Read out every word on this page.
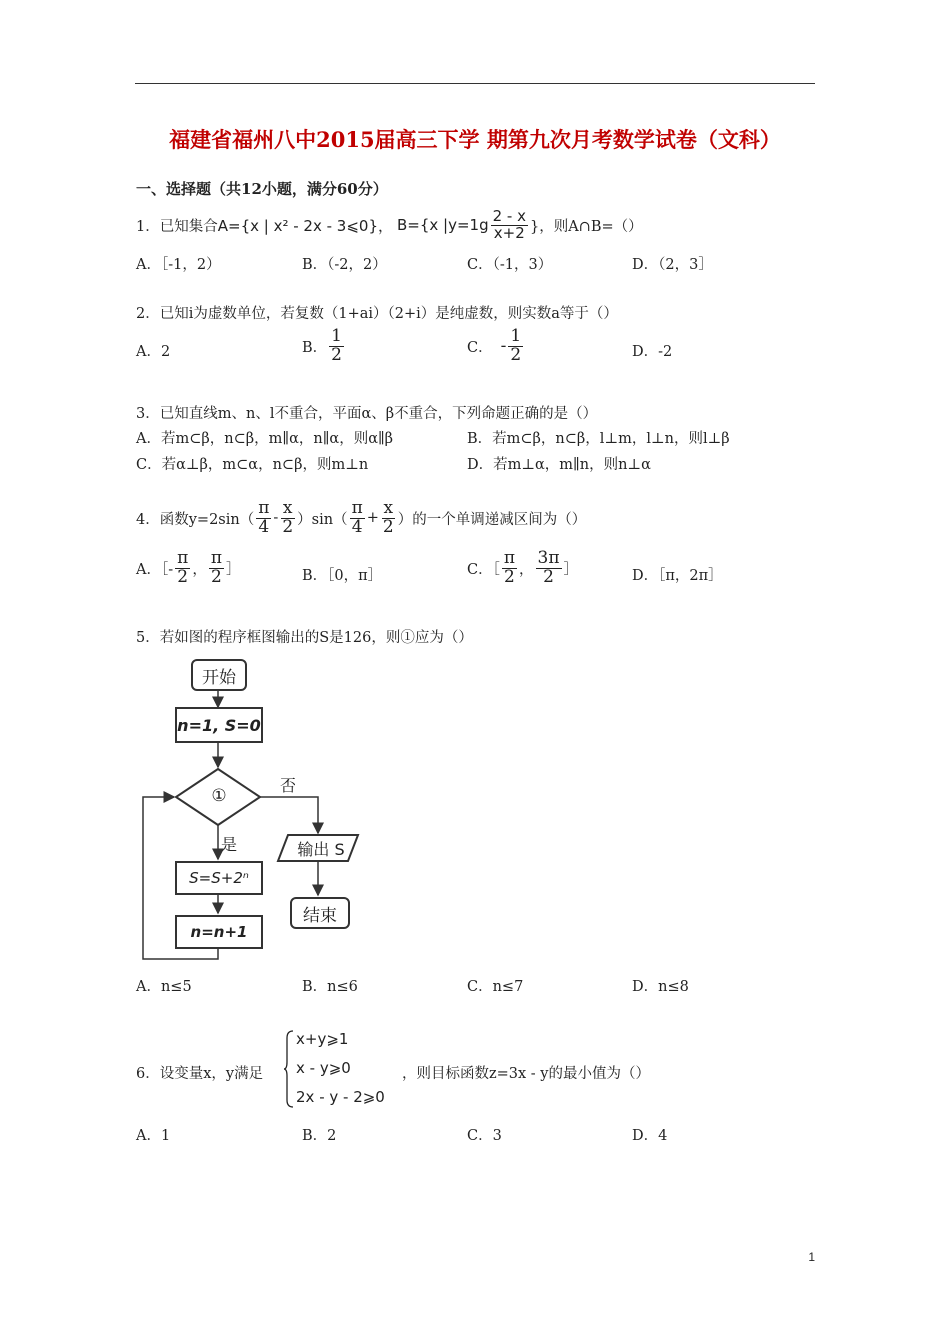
福建省福州八中2015届高三下学 期第九次月考数学试卷（文科）
一、选择题（共12小题，满分60分）
1．已知集合 A={x | x² - 2x - 3⩽0}， B={x $|y=1g \frac{2 - x}{x+2}$ }，则A∩B=（）
A．［-1，2）	B．（-2，2）	C．（-1，3）	D．（2，3］
2．已知i为虚数单位，若复数（1+ai）（2+i）是纯虚数，则实数a等于（）
A．2	B． $\frac{1}{2}$	C． - $\frac{1}{2}$	D．-2
3．已知直线m、n、l不重合，平面α、β不重合，下列命题正确的是（）
A．若m⊂β，n⊂β，m∥α，n∥α，则α∥β	B．若m⊂β，n⊂β，l⊥m，l⊥n，则l⊥β
C．若α⊥β，m⊂α，n⊂β，则m⊥n	D．若m⊥α，m∥n，则n⊥α
4．函数$y=2\sin( \frac{\pi}{4} - \frac{x}{2} )\sin( \frac{\pi}{4} + \frac{x}{2}$ ）的一个单调递减区间为（）
A．［- $\frac{\pi}{2}$ ， $\frac{\pi}{2}$ ］	B．［0，π］	C．［ $\frac{\pi}{2}$ ， $\frac{3\pi}{2}$ ］	D．［π，2π］
5．若如图的程序框图输出的S是126，则①应为（）
开始
n=1, S=0
①
否
是
S=S+2ⁿ
n=n+1
输出 S
结束
A．n≤5	B．n≤6	C．n≤7	D．n≤8
6．设变量x，y满足
x+y⩾1
x - y⩾0
2x - y - 2⩾0
，则目标函数z=3x - y的最小值为（）
A．1	B．2	C．3	D．4
1
